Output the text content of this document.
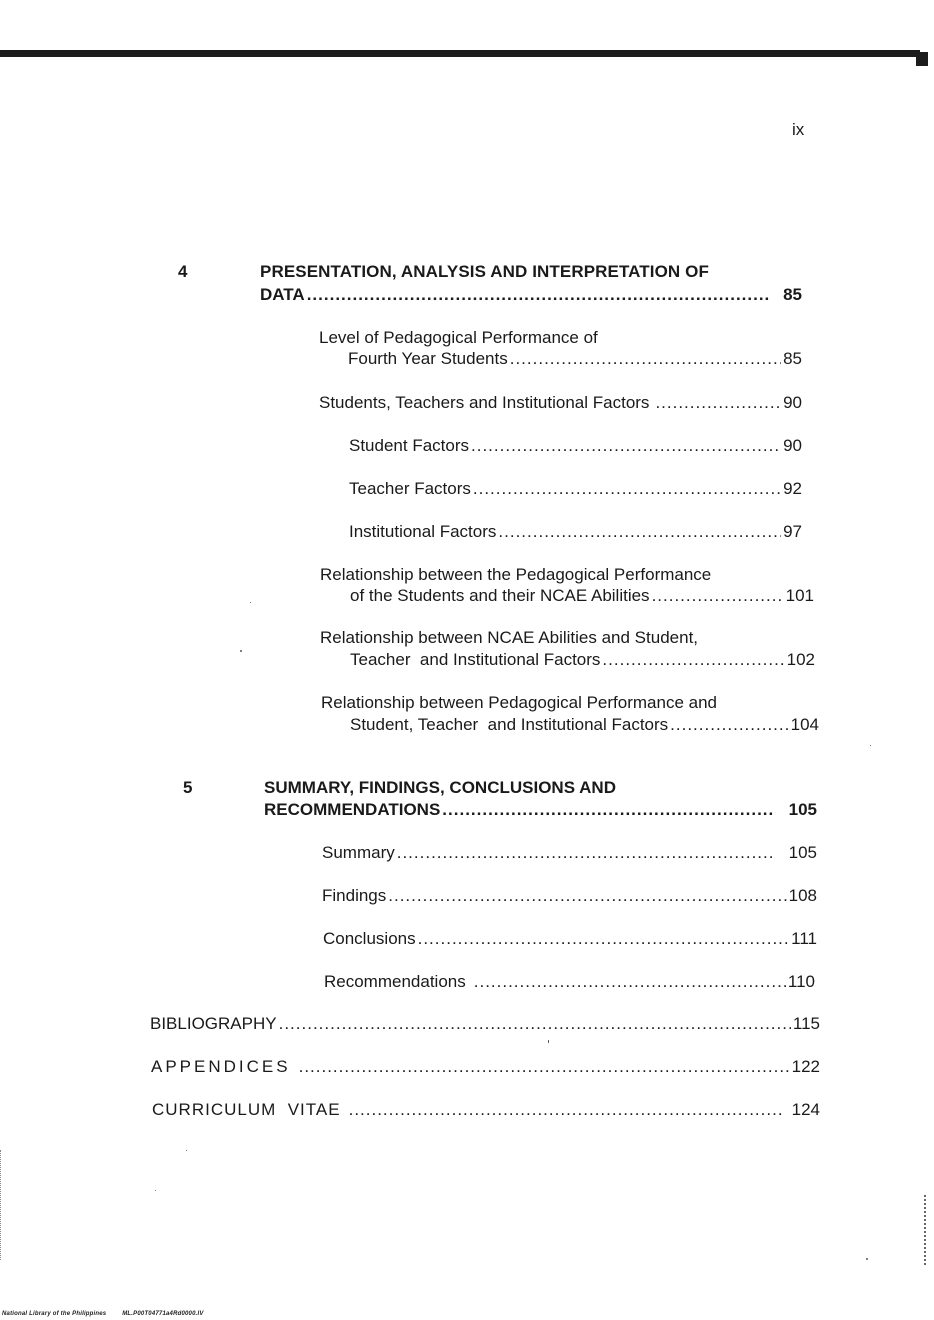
ix
4	PRESENTATION, ANALYSIS AND INTERPRETATION OF
DATA .....	85
Level of Pedagogical Performance of
Fourth Year Students .....	85
Students, Teachers and Institutional Factors .....	90
Student Factors .....	90
Teacher Factors .....	92
Institutional Factors .....	97
Relationship between the Pedagogical Performance
of the Students and their NCAE Abilities .....	101
Relationship between NCAE Abilities and Student,
Teacher  and Institutional Factors .....	102
Relationship between Pedagogical Performance and
Student, Teacher  and Institutional Factors .....	104
5	SUMMARY, FINDINGS, CONCLUSIONS AND
RECOMMENDATIONS .....	105
Summary .....	105
Findings .....	108
Conclusions .....	111
Recommendations .....	110
BIBLIOGRAPHY .....	115
APPENDICES .....	122
CURRICULUM  VITAE .....	124
National Library of the Philippines	ML.P00T04771a4Rd0000.IV
